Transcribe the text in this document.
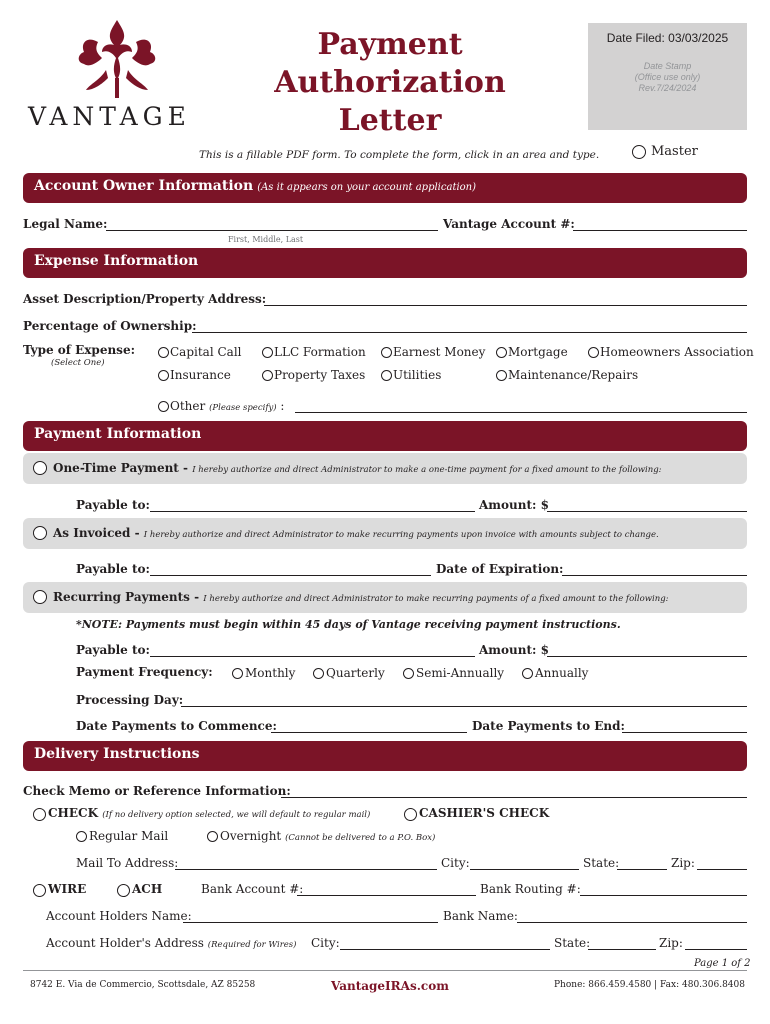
VANTAGE
Payment
Authorization
Letter
Date Filed: 03/03/2025
Date Stamp
(Office use only)
Rev.7/24/2024
This is a fillable PDF form. To complete the form, click in an area and type.	Master
Account Owner Information (As it appears on your account application)
Legal Name:
First, Middle, Last
Vantage Account #:
Expense Information
Asset Description/Property Address:
Percentage of Ownership:
Type of Expense:
(Select One)
Capital Call	LLC Formation Earnest Money Mortgage	Homeowners Association
Insurance	Property Taxes Utilities	Maintenance/Repairs
Other (Please specify) :
Payment Information
One-Time Payment - I hereby authorize and direct Administrator to make a one-time payment for a fixed amount to the following:
Payable to:	Amount: $
As Invoiced - I hereby authorize and direct Administrator to make recurring payments upon invoice with amounts subject to change.
Payable to:	Date of Expiration:
Recurring Payments - I hereby authorize and direct Administrator to make recurring payments of a fixed amount to the following:
*NOTE: Payments must begin within 45 days of Vantage receiving payment instructions.
Payable to:	Amount: $
Payment Frequency:	Monthly	Quarterly	Semi-Annually	Annually
Processing Day:
Date Payments to Commence:	Date Payments to End:
Delivery Instructions
Check Memo or Reference Information:
CHECK (If no delivery option selected, we will default to regular mail)	CASHIER'S CHECK
Regular Mail	Overnight (Cannot be delivered to a P.O. Box)
Mail To Address:	City:	State:	Zip:
WIRE	ACH	Bank Account #:	Bank Routing #:
Account Holders Name:	Bank Name:
Account Holder's Address (Required for Wires) City:	State:	Zip:
Page 1 of 2
8742 E. Via de Commercio, Scottsdale, AZ 85258	VantageIRAs.com	Phone: 866.459.4580 | Fax: 480.306.8408
